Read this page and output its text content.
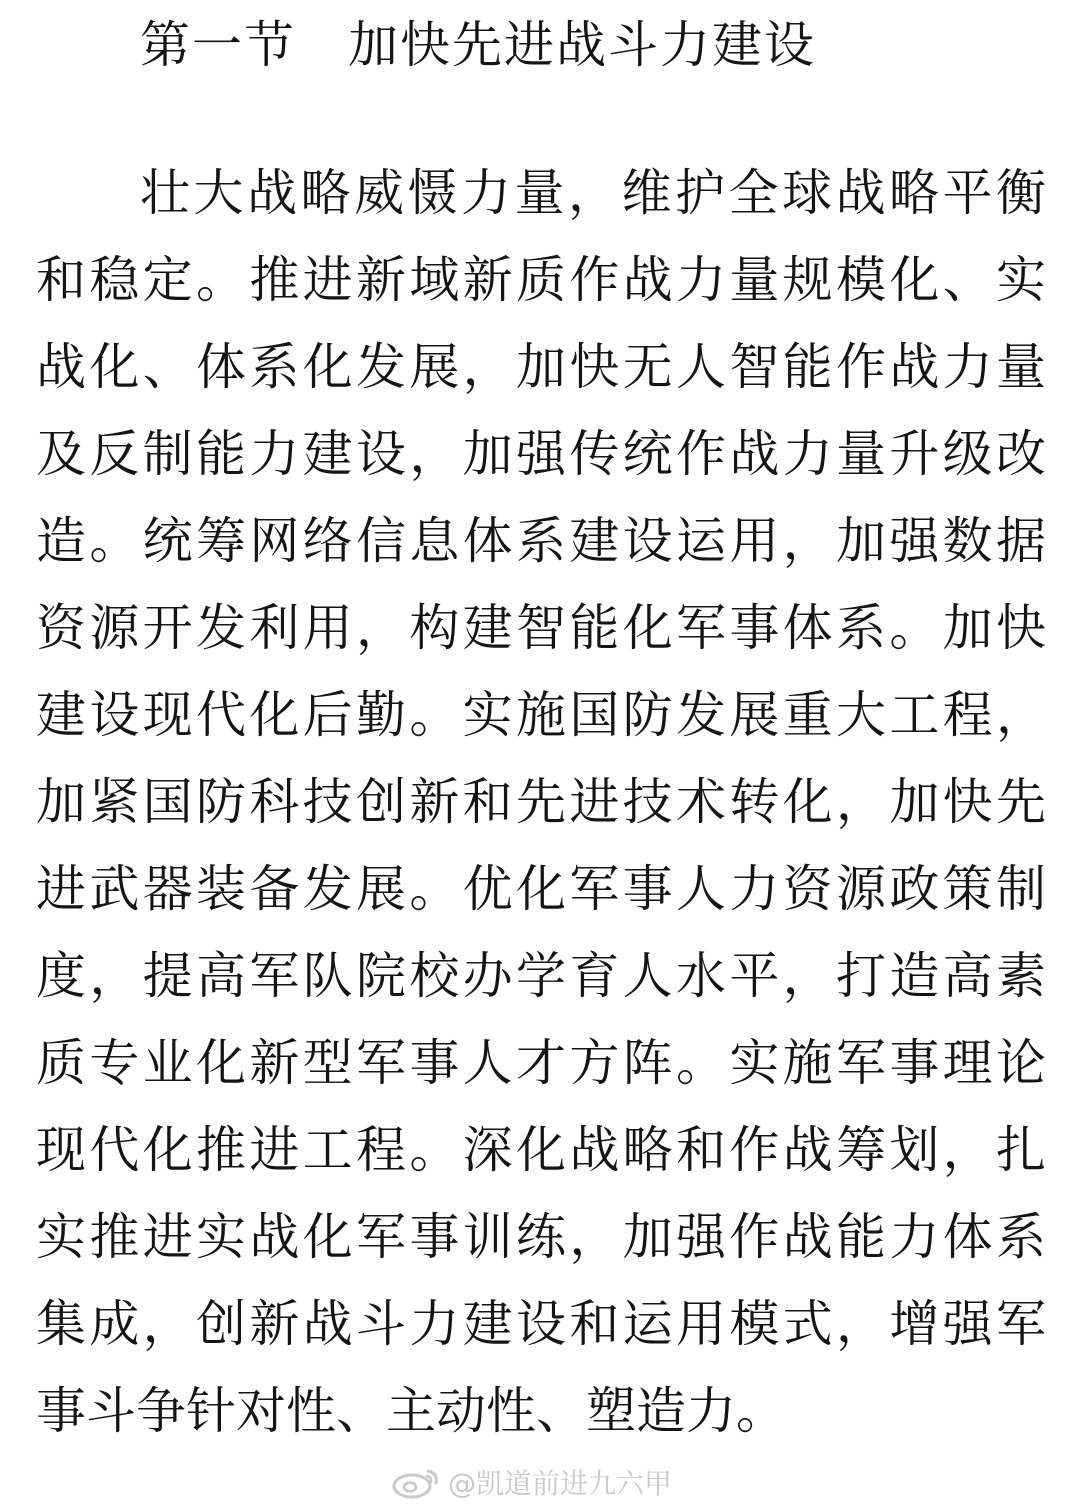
第一节　加快先进战斗力建设
壮大战略威慑力量，维护全球战略平衡
和稳定。推进新域新质作战力量规模化、实
战化、体系化发展，加快无人智能作战力量
及反制能力建设，加强传统作战力量升级改
造。统筹网络信息体系建设运用，加强数据
资源开发利用，构建智能化军事体系。加快
建设现代化后勤。实施国防发展重大工程，
加紧国防科技创新和先进技术转化，加快先
进武器装备发展。优化军事人力资源政策制
度，提高军队院校办学育人水平，打造高素
质专业化新型军事人才方阵。实施军事理论
现代化推进工程。深化战略和作战筹划，扎
实推进实战化军事训练，加强作战能力体系
集成，创新战斗力建设和运用模式，增强军
事斗争针对性、主动性、塑造力。
@凯道前进九六甲
